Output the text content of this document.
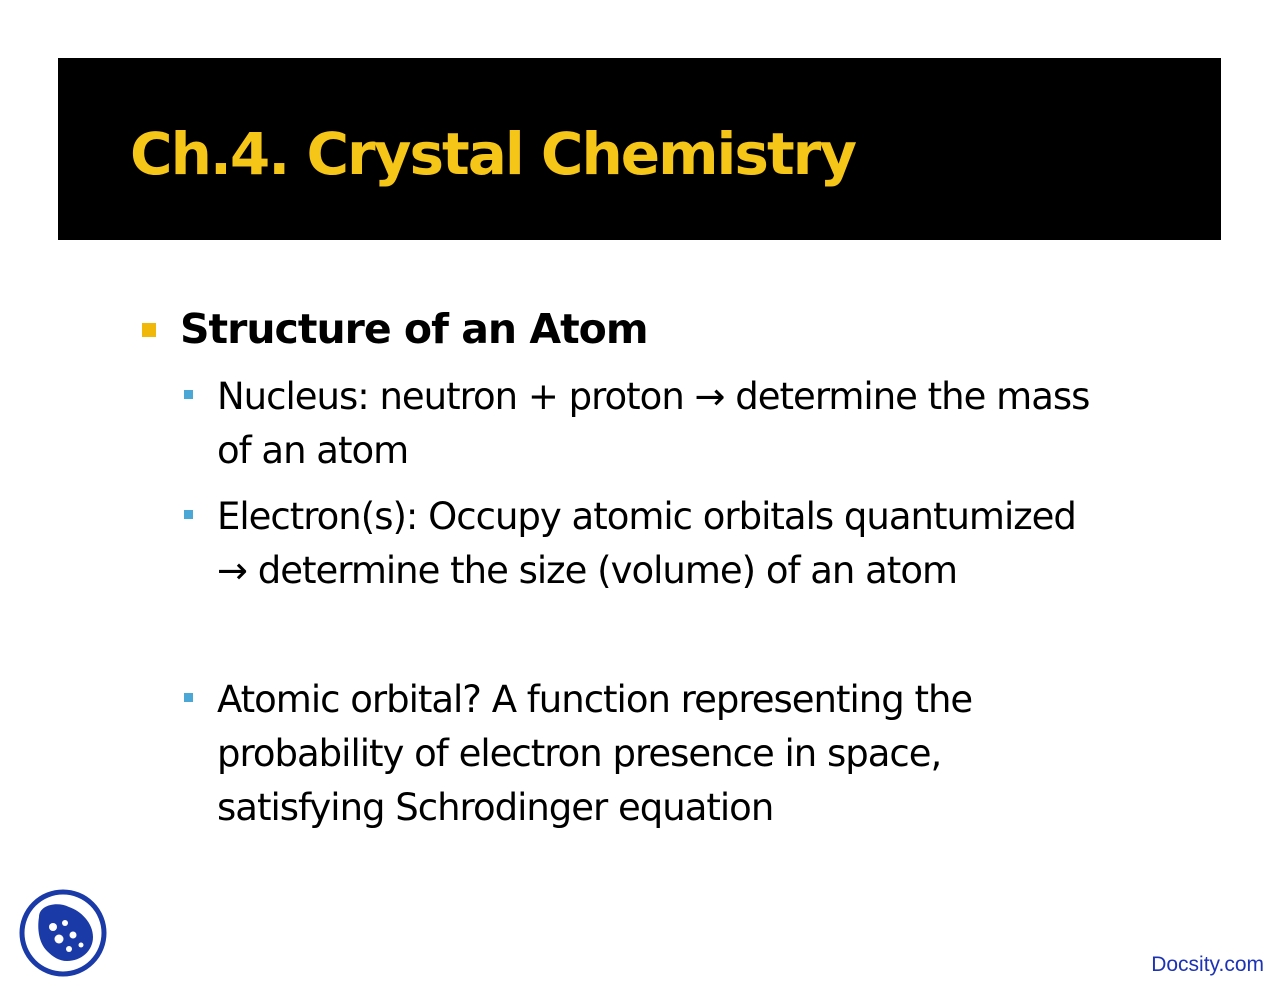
Ch.4. Crystal Chemistry
Structure of an Atom
Nucleus: neutron + proton → determine the mass
of an atom
Electron(s): Occupy atomic orbitals quantumized
→ determine the size (volume) of an atom
Atomic orbital? A function representing the
probability of electron presence in space,
satisfying Schrodinger equation
Docsity.com
